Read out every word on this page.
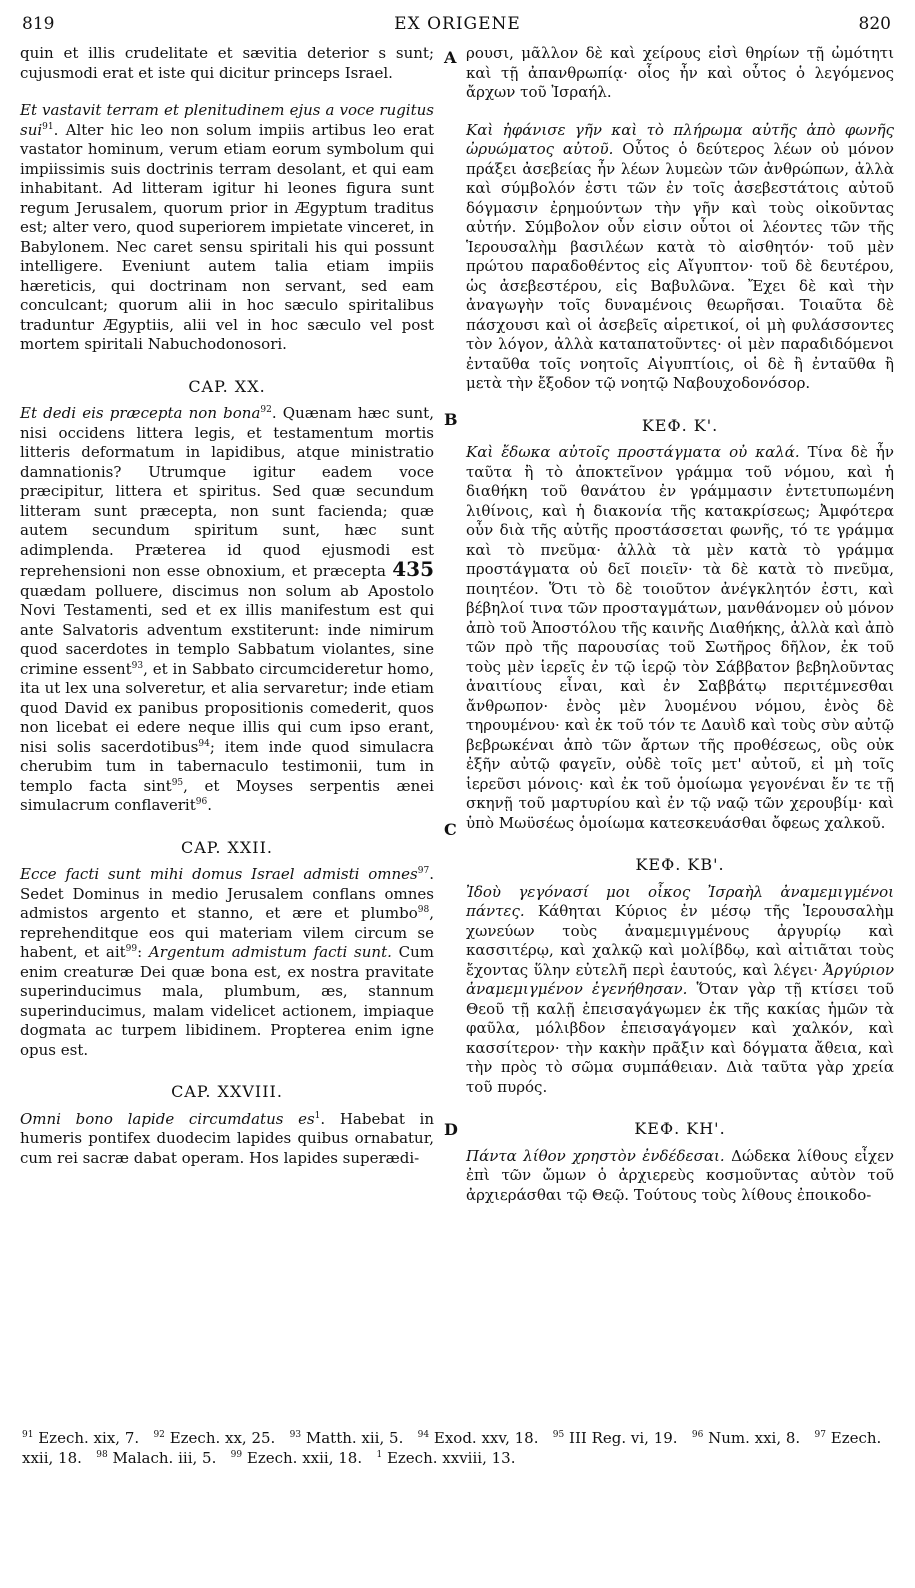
819	EX ORIGENE	820
A
B
C
D

quin et illis crudelitate et sævitia deterior s sunt; cujusmodi erat et iste qui dicitur princeps Israel.

Et vastavit terram et plenitudinem ejus a voce rugitus sui$^{91}$. Alter hic leo non solum impiis artibus leo erat vastator hominum, verum etiam eorum symbolum qui impiissimis suis doctrinis terram desolant, et qui eam inhabitant. Ad litteram igitur hi leones figura sunt regum Jerusalem, quorum prior in Ægyptum traditus est; alter vero, quod superiorem impietate vinceret, in Babylonem. Nec caret sensu spiritali his qui possunt intelligere. Eveniunt autem talia etiam impiis hæreticis, qui doctrinam non servant, sed eam conculcant; quorum alii in hoc sæculo spiritalibus traduntur Ægyptiis, alii vel in hoc sæculo vel post mortem spiritali Nabuchodonosori.

CAP. XX.

Et dedi eis præcepta non bona$^{92}$. Quænam hæc sunt, nisi occidens littera legis, et testamentum mortis litteris deformatum in lapidibus, atque ministratio damnationis? Utrumque igitur eadem voce præcipitur, littera et spiritus. Sed quæ secundum litteram sunt præcepta, non sunt facienda; quæ autem secundum spiritum sunt, hæc sunt adimplenda. Præterea id quod ejusmodi est reprehensioni non esse obnoxium, et præcepta 435 quædam polluere, discimus non solum ab Apostolo Novi Testamenti, sed et ex illis manifestum est qui ante Salvatoris adventum exstiterunt: inde nimirum quod sacerdotes in templo Sabbatum violantes, sine crimine essent$^{93}$, et in Sabbato circumcideretur homo, ita ut lex una solveretur, et alia servaretur; inde etiam quod David ex panibus propositionis comederit, quos non licebat ei edere neque illis qui cum ipso erant, nisi solis sacerdotibus$^{94}$; item inde quod simulacra cherubim tum in tabernaculo testimonii, tum in templo facta sint$^{95}$, et Moyses serpentis ænei simulacrum conflaverit$^{96}$.

CAP. XXII.

Ecce facti sunt mihi domus Israel admisti omnes$^{97}$. Sedet Dominus in medio Jerusalem conflans omnes admistos argento et stanno, et ære et plumbo$^{98}$, reprehenditque eos qui materiam vilem circum se habent, et ait$^{99}$: Argentum admistum facti sunt. Cum enim creaturæ Dei quæ bona est, ex nostra pravitate superinducimus mala, plumbum, æs, stannum superinducimus, malam videlicet actionem, impiaque dogmata ac turpem libidinem. Propterea enim igne opus est.

CAP. XXVIII.

Omni bono lapide circumdatus $es^1$. Habebat in humeris pontifex duodecim lapides quibus ornabatur, cum rei sacræ dabat operam. Hos lapides superædi-

ρουσι, μᾶλλον δὲ καὶ χείρους εἰσὶ θηρίων τῇ ὠμότητι καὶ τῇ ἀπανθρωπίᾳ· οἷος ἦν καὶ οὗτος ὁ λεγόμενος ἄρχων τοῦ Ἰσραήλ.

Καὶ ἠφάνισε γῆν καὶ τὸ πλήρωμα αὐτῆς ἀπὸ φωνῆς ὠρυώματος αὐτοῦ. Οὗτος ὁ δεύτερος λέων οὐ μόνον πράξει ἀσεβείας ἦν λέων λυμεὼν τῶν ἀνθρώπων, ἀλλὰ καὶ σύμβολόν ἐστι τῶν ἐν τοῖς ἀσεβεστάτοις αὐτοῦ δόγμασιν ἐρημούντων τὴν γῆν καὶ τοὺς οἰκοῦντας αὐτήν. Σύμβολον οὖν εἰσιν οὗτοι οἱ λέοντες τῶν τῆς Ἱερουσαλὴμ βασιλέων κατὰ τὸ αἰσθητόν· τοῦ μὲν πρώτου παραδοθέντος εἰς Αἴγυπτον· τοῦ δὲ δευτέρου, ὡς ἀσεβεστέρου, εἰς Βαβυλῶνα. Ἔχει δὲ καὶ τὴν ἀναγωγὴν τοῖς δυναμένοις θεωρῆσαι. Τοιαῦτα δὲ πάσχουσι καὶ οἱ ἀσεβεῖς αἱρετικοί, οἱ μὴ φυλάσσοντες τὸν λόγον, ἀλλὰ καταπατοῦντες· οἱ μὲν παραδιδόμενοι ἐνταῦθα τοῖς νοητοῖς Αἰγυπτίοις, οἱ δὲ ἢ ἐνταῦθα ἢ μετὰ τὴν ἔξοδον τῷ νοητῷ Ναβουχοδονόσορ.

ΚΕΦ. Κ'.

Καὶ ἔδωκα αὐτοῖς προστάγματα οὐ καλά. Τίνα δὲ ἦν ταῦτα ἢ τὸ ἀποκτεῖνον γράμμα τοῦ νόμου, καὶ ἡ διαθήκη τοῦ θανάτου ἐν γράμμασιν ἐντετυπωμένη λιθίνοις, καὶ ἡ διακονία τῆς κατακρίσεως; Ἀμφότερα οὖν διὰ τῆς αὐτῆς προστάσσεται φωνῆς, τό τε γράμμα καὶ τὸ πνεῦμα· ἀλλὰ τὰ μὲν κατὰ τὸ γράμμα προστάγματα οὐ δεῖ ποιεῖν· τὰ δὲ κατὰ τὸ πνεῦμα, ποιητέον. Ὅτι τὸ δὲ τοιοῦτον ἀνέγκλητόν ἐστι, καὶ βέβηλοί τινα τῶν προσταγμάτων, μανθάνομεν οὐ μόνον ἀπὸ τοῦ Ἀποστόλου τῆς καινῆς Διαθήκης, ἀλλὰ καὶ ἀπὸ τῶν πρὸ τῆς παρουσίας τοῦ Σωτῆρος δῆλον, ἐκ τοῦ τοὺς μὲν ἱερεῖς ἐν τῷ ἱερῷ τὸν Σάββατον βεβηλοῦντας ἀναιτίους εἶναι, καὶ ἐν Σαββάτῳ περιτέμνεσθαι ἄνθρωπον· ἑνὸς μὲν λυομένου νόμου, ἑνὸς δὲ τηρουμένου· καὶ ἐκ τοῦ τόν τε Δαυὶδ καὶ τοὺς σὺν αὐτῷ βεβρωκέναι ἀπὸ τῶν ἄρτων τῆς προθέσεως, οὓς οὐκ ἐξῆν αὐτῷ φαγεῖν, οὐδὲ τοῖς μετ' αὐτοῦ, εἰ μὴ τοῖς ἱερεῦσι μόνοις· καὶ ἐκ τοῦ ὁμοίωμα γεγονέναι ἔν τε τῇ σκηνῇ τοῦ μαρτυρίου καὶ ἐν τῷ ναῷ τῶν χερουβίμ· καὶ ὑπὸ Μωϋσέως ὁμοίωμα κατεσκευάσθαι ὄφεως χαλκοῦ.

ΚΕΦ. ΚΒ'.

Ἰδοὺ γεγόνασί μοι οἶκος Ἰσραὴλ ἀναμεμιγμένοι πάντες. Κάθηται Κύριος ἐν μέσῳ τῆς Ἱερουσαλὴμ χωνεύων τοὺς ἀναμεμιγμένους ἀργυρίῳ καὶ κασσιτέρῳ, καὶ χαλκῷ καὶ μολίβδῳ, καὶ αἰτιᾶται τοὺς ἔχοντας ὕλην εὐτελῆ περὶ ἑαυτούς, καὶ λέγει· Ἀργύριον ἀναμεμιγμένον ἐγενήθησαν. Ὅταν γὰρ τῇ κτίσει τοῦ Θεοῦ τῇ καλῇ ἐπεισαγάγωμεν ἐκ τῆς κακίας ἡμῶν τὰ φαῦλα, μόλιβδον ἐπεισαγάγομεν καὶ χαλκόν, καὶ κασσίτερον· τὴν κακὴν πρᾶξιν καὶ δόγματα ἄθεια, καὶ τὴν πρὸς τὸ σῶμα συμπάθειαν. Διὰ ταῦτα γὰρ χρεία τοῦ πυρός.

ΚΕΦ. ΚΗ'.

Πάντα λίθον χρηστὸν ἐνδέδεσαι. Δώδεκα λίθους εἶχεν ἐπὶ τῶν ὤμων ὁ ἀρχιερεὺς κοσμοῦντας αὐτὸν τοῦ ἀρχιεράσθαι τῷ Θεῷ. Τούτους τοὺς λίθους ἐποικοδο-

$^{91}$ Ezech. xix, 7. $^{92}$ Ezech. xx, 25. $^{93}$ Matth. xii, 5. $^{94}$ Exod. xxv, 18. $^{95}$ III Reg. vi, 19. $^{96}$ Num. xxi, 8. $^{97}$ Ezech. xxii, 18. $^{98}$ Malach. iii, 5. $^{99}$ Ezech. xxii, 18. $^1$ Ezech. xxviii, 13.
